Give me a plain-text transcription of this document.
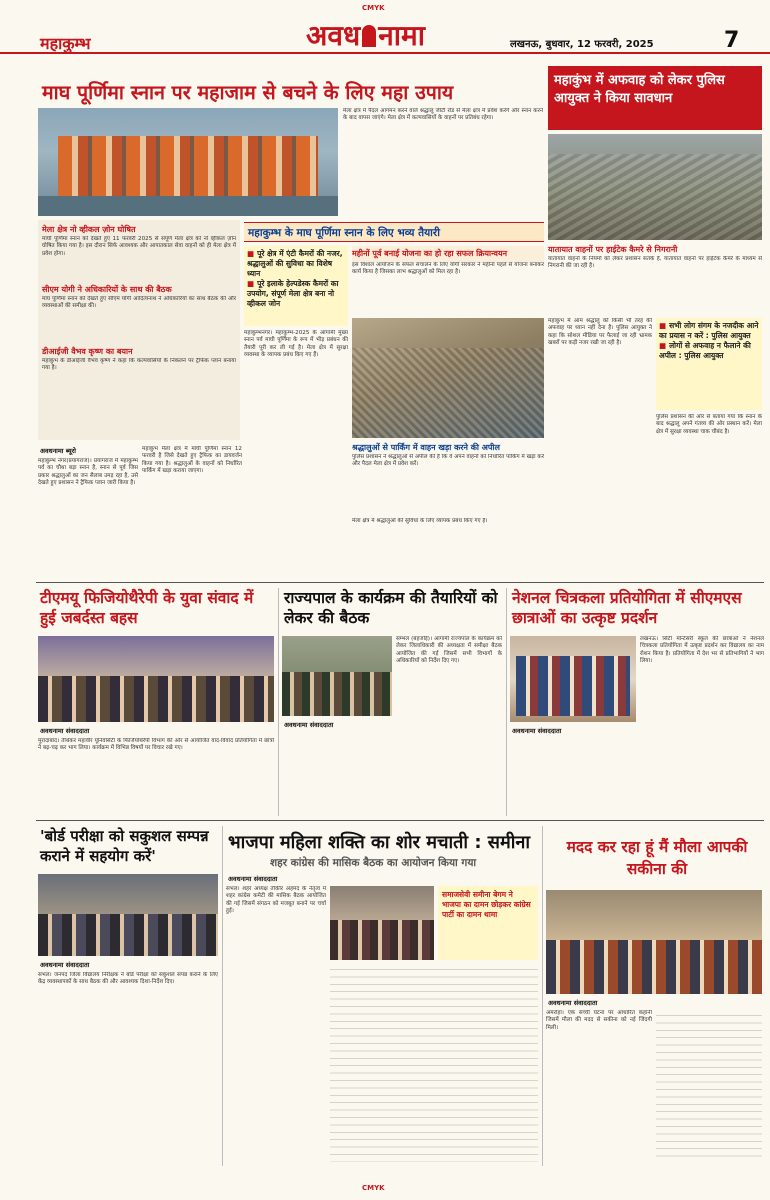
CMYK
महाकुम्भ	अवध नामा	लखनऊ, बुधवार, 12 फरवरी, 2025	7
माघ पूर्णिमा स्नान पर महाजाम से बचने के लिए महा उपाय
मेला क्षेत्र में पैदल आगमन करने वाले श्रद्धालु जीटी रोड से मेला क्षेत्र में प्रवेश करेंगे और स्नान करने के बाद वापस जाएंगे। मेला क्षेत्र में कल्पवासियों के वाहनों पर प्रतिबंध रहेगा।
मेला क्षेत्र नो व्हीकल ज़ोन घोषित
माघी पूर्णिमा स्नान को देखते हुए 11 फरवरी 2025 से संपूर्ण मेला क्षेत्र को नो व्हीकल ज़ोन घोषित किया गया है। इस दौरान सिर्फ आवश्यक और आपातकाल सेवा वाहनों को ही मेला क्षेत्र में प्रवेश होगा।
सीएम योगी ने अधिकारियों के साथ की बैठक
माघ पूर्णिमा स्नान को देखते हुए सीएम योगी आदित्यनाथ ने अधिकारियों का साथ बैठक की और व्यवस्थाओं की समीक्षा की।
डीआईजी वैभव कृष्ण का बयान
महाकुंभ के डीआईजी वैभव कृष्ण ने कहा कि कल्पवासियों के निकलने पर ट्रैफिक प्लान बनाया गया है।
अवधनामा ब्यूरो
महाकुम्भ नगर(प्रयागराज)। प्रयागराज में महाकुम्भ पर्व का चौथा बड़ा स्नान है, स्नान से पूर्व जिस प्रकार श्रद्धालुओं का जन सैलाब उमड़ रहा है, उसे देखते हुए प्रशासन ने ट्रैफिक प्लान जारी किया है।
महाकुंभ मेला क्षेत्र में माघी पूर्णिमा स्नान 12 फरवरी है जिसे देखते हुए ट्रैफिक का डायवर्जन किया गया है। श्रद्धालुओं के वाहनों को निर्धारित पार्किंग में खड़ा कराया जाएगा।
महाकुम्भ के माघ पूर्णिमा स्नान के लिए भव्य तैयारी
■ पूरे क्षेत्र में एंटी कैमरों की नजर, श्रद्धालुओं की सुविधा का विशेष ध्यान
■ पूरे इलाके हेल्पडेस्क कैमरों का उपयोग, संपूर्ण मेला क्षेत्र बना नो व्हीकल जोन
महाकुम्भनगर। महाकुम्भ-2025 के आगामी मुख्य स्नान पर्व माघी पूर्णिमा के रूप में भीड़ प्रबंधन की तैयारी पूरी कर ली गई है। मेला क्षेत्र में सुरक्षा व्यवस्था के व्यापक प्रबंध किए गए हैं।
महीनों पूर्व बनाई योजना का हो रहा सफल क्रियान्वयन
इस विशाल आयोजन के सफल संचालन के लिए योगी सरकार ने महीनों पहले से योजना बनाकर कार्य किया है जिसका लाभ श्रद्धालुओं को मिल रहा है।
श्रद्धालुओं से पार्किंग में वाहन खड़ा करने की अपील
पुलिस प्रशासन ने श्रद्धालुओं से अपील की है कि वे अपने वाहनों को निर्धारित पार्किंग में खड़ा करें और पैदल मेला क्षेत्र में प्रवेश करें।
मेला क्षेत्र में श्रद्धालुओं की सुविधा के लिए व्यापक प्रबंध किए गए हैं।
महाकुंभ में अफवाह को लेकर पुलिस आयुक्त ने किया सावधान
यातायात वाहनों पर हाईटेक कैमरे से निगरानी
यातायात वाहनों के नियमों को लेकर प्रशासन सतर्क है, यातायात वाहनों पर हाईटेक कैमरे के माध्यम से निगरानी की जा रही है।
महाकुंभ में आम श्रद्धालु को किसी भी तरह की अफवाह पर ध्यान नहीं देना है। पुलिस आयुक्त ने कहा कि सोशल मीडिया पर फैलाई जा रही भ्रामक खबरों पर कड़ी नजर रखी जा रही है।
■ सभी लोग संगम के नजदीक आने का प्रयास न करें : पुलिस आयुक्त
■ लोगों से अफवाह न फैलाने की अपील : पुलिस आयुक्त
पुलिस प्रशासन की ओर से बताया गया कि स्नान के बाद श्रद्धालु अपने गंतव्य की ओर प्रस्थान करें। मेला क्षेत्र में सुरक्षा व्यवस्था चाक चौबंद है।
टीएमयू फिजियोथैरेपी के युवा संवाद में हुई जबर्दस्त बहस
अवधनामा संवाददाता
मुरादाबाद। तीर्थंकर महावीर यूनिवर्सिटी के फिजियोथैरेपी विभाग की ओर से आयोजित वाद-विवाद प्रतियोगिता में छात्रों ने बढ़-चढ़ कर भाग लिया। कार्यक्रम में विभिन्न विषयों पर विचार रखे गए।
राज्यपाल के कार्यक्रम की तैयारियों को लेकर की बैठक
अवधनामा संवाददाता
सम्भल (बहजोई)। आगामी राज्यपाल के कार्यक्रम को लेकर जिलाधिकारी की अध्यक्षता में समीक्षा बैठक आयोजित की गई जिसमें सभी विभागों के अधिकारियों को निर्देश दिए गए।
नेशनल चित्रकला प्रतियोगिता में सीएमएस छात्राओं का उत्कृष्ट प्रदर्शन
अवधनामा संवाददाता
लखनऊ। सिटी मॉन्टेसरी स्कूल की छात्राओं ने नेशनल चित्रकला प्रतियोगिता में उत्कृष्ट प्रदर्शन कर विद्यालय का नाम रोशन किया है। प्रतियोगिता में देश भर से प्रतिभागियों ने भाग लिया।
'बोर्ड परीक्षा को सकुशल सम्पन्न कराने में सहयोग करें'
अवधनामा संवाददाता
संभल। जनपद जिला विद्यालय निरीक्षक ने बोर्ड परीक्षा को सकुशल संपन्न कराने के लिए केंद्र व्यवस्थापकों के साथ बैठक की और आवश्यक दिशा-निर्देश दिए।
भाजपा महिला शक्ति का शोर मचाती : समीना
शहर कांग्रेस की मासिक बैठक का आयोजन किया गया
अवधनामा संवाददाता
संभल। शहर अध्यक्ष तौकीर अहमद के नेतृत्व में शहर कांग्रेस कमेटी की मासिक बैठक आयोजित की गई जिसमें संगठन को मजबूत बनाने पर चर्चा हुई।
समाजसेवी समीना बेगम ने भाजपा का दामन छोड़कर कांग्रेस पार्टी का दामन थामा
मदद कर रहा हूं मैं मौला आपकी सकीना की
अवधनामा संवाददाता
अमरोहा। एक सच्ची घटना पर आधारित कहानी जिसमें मौला की मदद से सकीना को नई जिंदगी मिली।
CMYK
